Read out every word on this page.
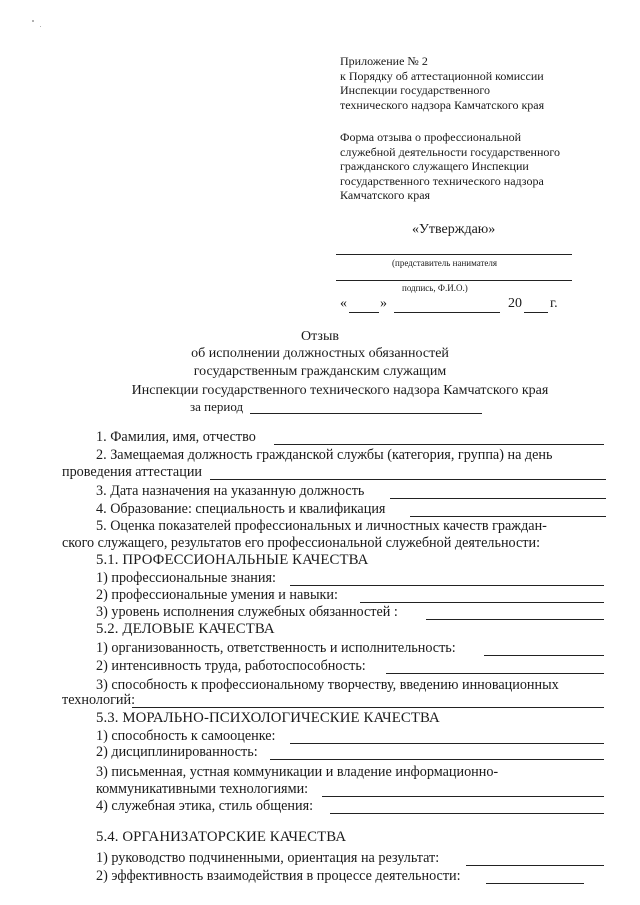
Приложение № 2
к Порядку об аттестационной комиссии
Инспекции государственного
технического надзора Камчатского края
Форма отзыва о профессиональной
служебной деятельности государственного
гражданского служащего Инспекции
государственного технического надзора
Камчатского края
«Утверждаю»
(представитель нанимателя
подпись, Ф.И.О.)
« »	20 г.
Отзыв
об исполнении должностных обязанностей
государственным гражданским служащим
Инспекции государственного технического надзора Камчатского края
за период
1. Фамилия, имя, отчество
2. Замещаемая должность гражданской службы (категория, группа) на день
проведения аттестации
3. Дата назначения на указанную должность
4. Образование: специальность и квалификация
5. Оценка показателей профессиональных и личностных качеств граждан-
ского служащего, результатов его профессиональной служебной деятельности:
5.1. ПРОФЕССИОНАЛЬНЫЕ КАЧЕСТВА
1) профессиональные знания:
2) профессиональные умения и навыки:
3) уровень исполнения служебных обязанностей :
5.2. ДЕЛОВЫЕ КАЧЕСТВА
1) организованность, ответственность и исполнительность:
2) интенсивность труда, работоспособность:
3) способность к профессиональному творчеству, введению инновационных
технологий:
5.3. МОРАЛЬНО-ПСИХОЛОГИЧЕСКИЕ КАЧЕСТВА
1) способность к самооценке:
2) дисциплинированность:
3) письменная, устная коммуникации и владение информационно-
коммуникативными технологиями:
4) служебная этика, стиль общения:
5.4. ОРГАНИЗАТОРСКИЕ КАЧЕСТВА
1) руководство подчиненными, ориентация на результат:
2) эффективность взаимодействия в процессе деятельности:
